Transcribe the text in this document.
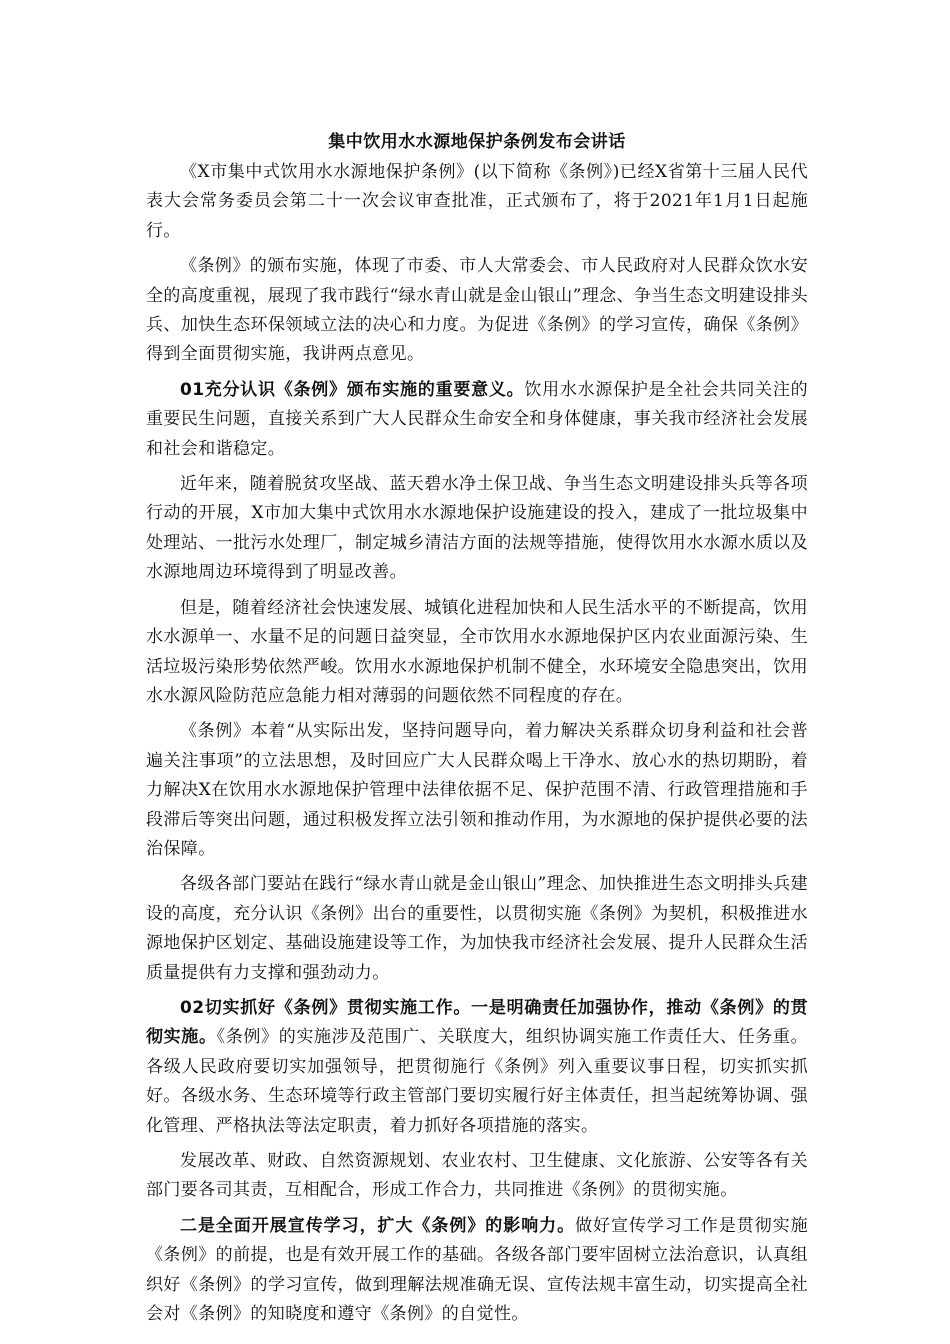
集中饮用水水源地保护条例发布会讲话

《X市集中式饮用水水源地保护条例》(以下简称《条例》)已经X省第十三届人民代表大会常务委员会第二十一次会议审查批准，正式颁布了，将于2021年1月1日起施行。

《条例》的颁布实施，体现了市委、市人大常委会、市人民政府对人民群众饮水安全的高度重视，展现了我市践行“绿水青山就是金山银山”理念、争当生态文明建设排头兵、加快生态环保领域立法的决心和力度。为促进《条例》的学习宣传，确保《条例》得到全面贯彻实施，我讲两点意见。

01充分认识《条例》颁布实施的重要意义。饮用水水源保护是全社会共同关注的重要民生问题，直接关系到广大人民群众生命安全和身体健康，事关我市经济社会发展和社会和谐稳定。

近年来，随着脱贫攻坚战、蓝天碧水净土保卫战、争当生态文明建设排头兵等各项行动的开展，X市加大集中式饮用水水源地保护设施建设的投入，建成了一批垃圾集中处理站、一批污水处理厂，制定城乡清洁方面的法规等措施，使得饮用水水源水质以及水源地周边环境得到了明显改善。

但是，随着经济社会快速发展、城镇化进程加快和人民生活水平的不断提高，饮用水水源单一、水量不足的问题日益突显，全市饮用水水源地保护区内农业面源污染、生活垃圾污染形势依然严峻。饮用水水源地保护机制不健全，水环境安全隐患突出，饮用水水源风险防范应急能力相对薄弱的问题依然不同程度的存在。

《条例》本着“从实际出发，坚持问题导向，着力解决关系群众切身利益和社会普遍关注事项”的立法思想，及时回应广大人民群众喝上干净水、放心水的热切期盼，着力解决X在饮用水水源地保护管理中法律依据不足、保护范围不清、行政管理措施和手段滞后等突出问题，通过积极发挥立法引领和推动作用，为水源地的保护提供必要的法治保障。

各级各部门要站在践行“绿水青山就是金山银山”理念、加快推进生态文明排头兵建设的高度，充分认识《条例》出台的重要性，以贯彻实施《条例》为契机，积极推进水源地保护区划定、基础设施建设等工作，为加快我市经济社会发展、提升人民群众生活质量提供有力支撑和强劲动力。

02切实抓好《条例》贯彻实施工作。一是明确责任加强协作，推动《条例》的贯彻实施。《条例》的实施涉及范围广、关联度大，组织协调实施工作责任大、任务重。各级人民政府要切实加强领导，把贯彻施行《条例》列入重要议事日程，切实抓实抓好。各级水务、生态环境等行政主管部门要切实履行好主体责任，担当起统筹协调、强化管理、严格执法等法定职责，着力抓好各项措施的落实。

发展改革、财政、自然资源规划、农业农村、卫生健康、文化旅游、公安等各有关部门要各司其责，互相配合，形成工作合力，共同推进《条例》的贯彻实施。

二是全面开展宣传学习，扩大《条例》的影响力。做好宣传学习工作是贯彻实施《条例》的前提，也是有效开展工作的基础。各级各部门要牢固树立法治意识，认真组织好《条例》的学习宣传，做到理解法规准确无误、宣传法规丰富生动，切实提高全社会对《条例》的知晓度和遵守《条例》的自觉性。
